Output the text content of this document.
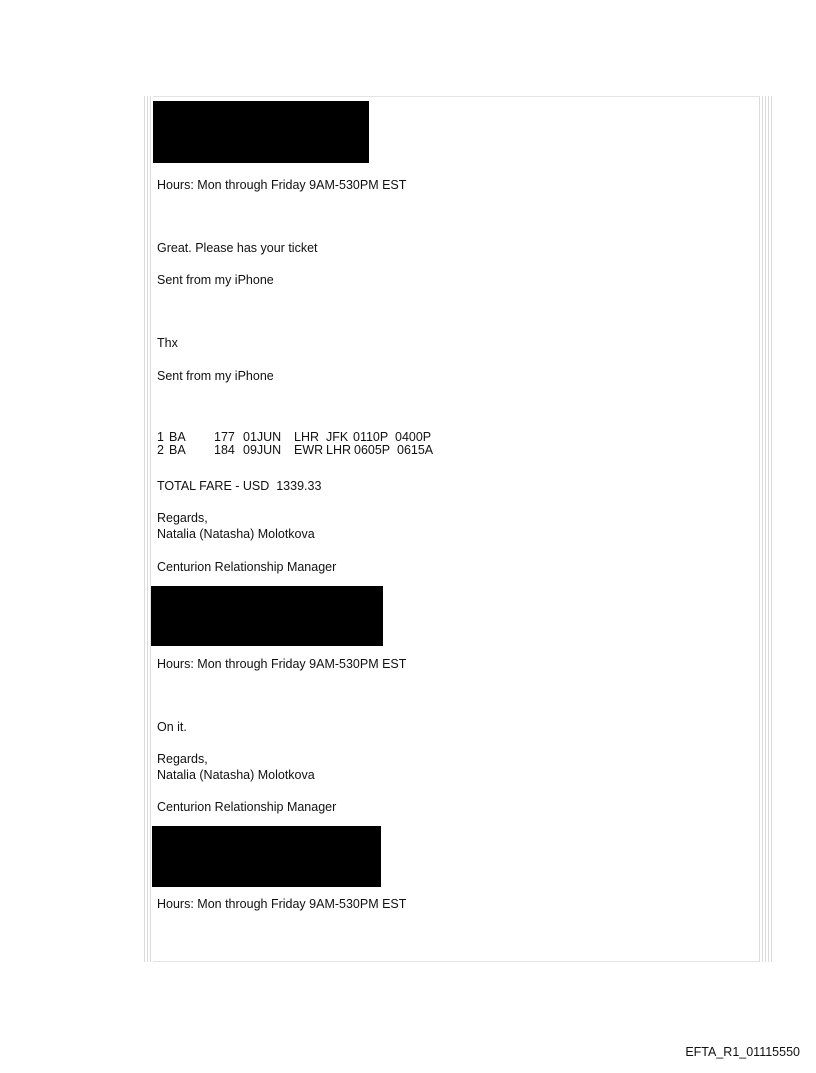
Hours: Mon through Friday 9AM-530PM EST
Great. Please has your ticket
Sent from my iPhone
Thx
Sent from my iPhone

1

BA

177

01JUN

LHR

JFK

0110P

0400P

2

BA

184

09JUN

EWR

LHR

0605P

0615A

TOTAL FARE - USD  1339.33
Regards,
Natalia (Natasha) Molotkova
Centurion Relationship Manager
Hours: Mon through Friday 9AM-530PM EST
On it.
Regards,
Natalia (Natasha) Molotkova
Centurion Relationship Manager
Hours: Mon through Friday 9AM-530PM EST
EFTA_R1_01115550
